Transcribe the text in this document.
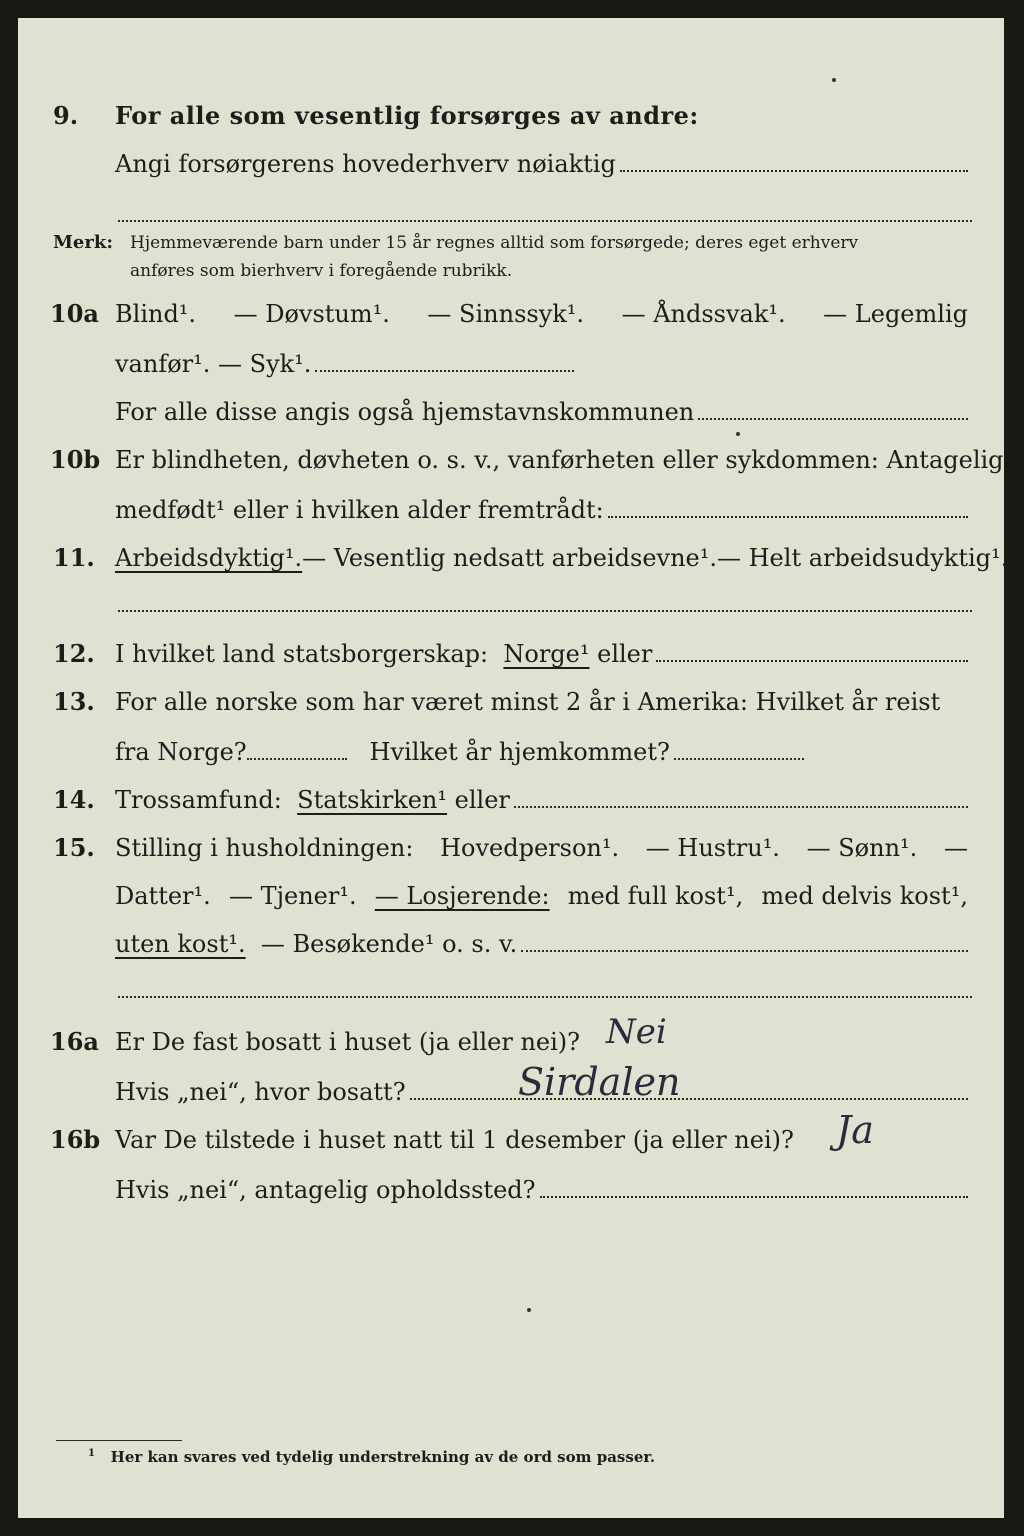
9. For alle som vesentlig forsørges av andre:
Angi forsørgerens hovederhverv nøiaktig
Merk: Hjemmeværende barn under 15 år regnes alltid som forsørgede; deres eget erhverv
anføres som bierhverv i foregående rubrikk.
10a Blind¹. — Døvstum¹. — Sinnssyk¹. — Åndssvak¹. — Legemlig
vanfør¹. — Syk¹.
For alle disse angis også hjemstavnskommunen
10b Er blindheten, døvheten o. s. v., vanførheten eller sykdommen: Antagelig
medfødt¹ eller i hvilken alder fremtrådt:
11. Arbeidsdyktig¹. — Vesentlig nedsatt arbeidsevne¹. — Helt arbeidsudyktig¹.
12. I hvilket land statsborgerskap:
Norge¹
eller
13. For alle norske som har været minst 2 år i Amerika: Hvilket år reist
fra Norge?
	Hvilket år hjemkommet?
14. Trossamfund:
Statskirken¹
eller
15. Stilling i husholdningen: Hovedperson¹. — Hustru¹. — Sønn¹. —
Datter¹. — Tjener¹. — Losjerende: med full kost¹, med delvis kost¹,
uten kost¹.
— Besøkende¹ o. s. v.
16a Er De fast bosatt i huset (ja eller nei)? Nei
Hvis „nei“, hvor bosatt?	Sirdalen
16b Var De tilstede i huset natt til 1 desember (ja eller nei)? Ja
Hvis „nei“, antagelig opholdssted?
$^1$ Her kan svares ved tydelig understrekning av de ord som passer.
